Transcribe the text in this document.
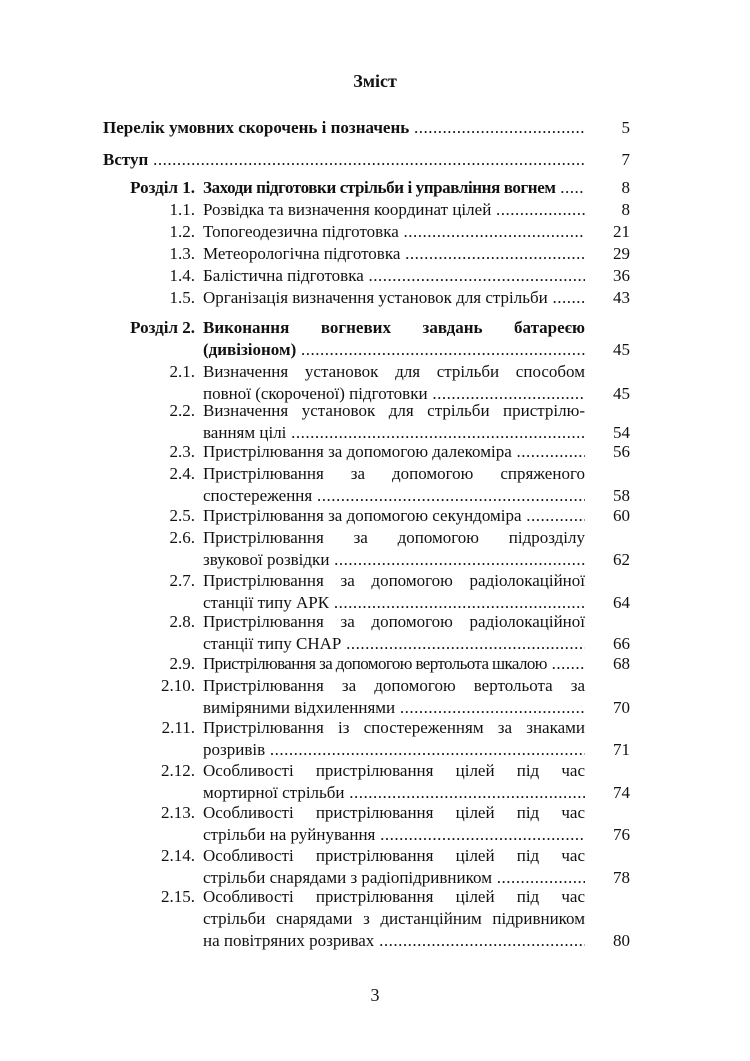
Зміст
Перелік умовних скорочень і позначень .....	5
Вступ .....	7
Розділ 1. Заходи підготовки стрільби і управління вогнем .....	8
1.1. Розвідка та визначення координат цілей .....	8
1.2. Топогеодезична підготовка .....	21
1.3. Метеорологічна підготовка .....	29
1.4. Балістична підготовка .....	36
1.5. Організація визначення установок для стрільби .....	43
Розділ 2. Виконання вогневих завдань батареєю
(дивізіоном) .....	45
2.1. Визначення установок для стрільби способом
повної (скороченої) підготовки .....	45
2.2. Визначення установок для стрільби пристрілю-
ванням цілі .....	54
2.3. Пристрілювання за допомогою далекоміра .....	56
2.4. Пристрілювання за допомогою спряженого
спостереження .....	58
2.5. Пристрілювання за допомогою секундоміра .....	60
2.6. Пристрілювання за допомогою підрозділу
звукової розвідки .....	62
2.7. Пристрілювання за допомогою радіолокаційної
станції типу АРК .....	64
2.8. Пристрілювання за допомогою радіолокаційної
станції типу СНАР .....	66
2.9. Пристрілювання за допомогою вертольота шкалою .....	68
2.10. Пристрілювання за допомогою вертольота за
виміряними відхиленнями .....	70
2.11. Пристрілювання із спостереженням за знаками
розривів .....	71
2.12. Особливості пристрілювання цілей під час
мортирної стрільби .....	74
2.13. Особливості пристрілювання цілей під час
стрільби на руйнування .....	76
2.14. Особливості пристрілювання цілей під час
стрільби снарядами з радіопідривником .....	78
2.15. Особливості пристрілювання цілей під час
стрільби снарядами з дистанційним підривником
на повітряних розривах .....	80
3
